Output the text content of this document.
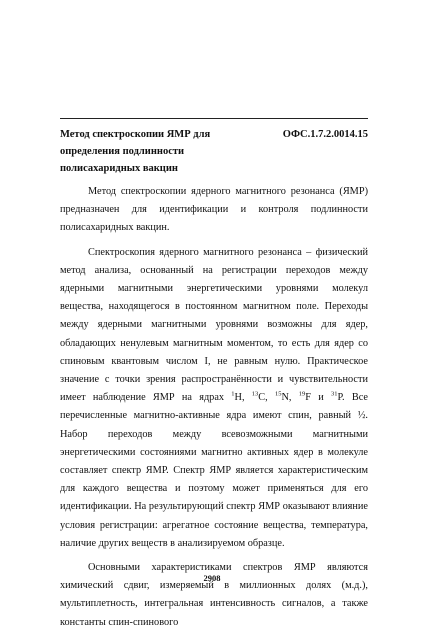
Метод спектроскопии ЯМР для определения подлинности полисахаридных вакцин
ОФС.1.7.2.0014.15

Метод спектроскопии ядерного магнитного резонанса (ЯМР) предназначен для идентификации и контроля подлинности полисахаридных вакцин.

Спектроскопия ядерного магнитного резонанса – физический метод анализа, основанный на регистрации переходов между ядерными магнитными энергетическими уровнями молекул вещества, находящегося в постоянном магнитном поле. Переходы между ядерными магнитными уровнями возможны для ядер, обладающих ненулевым магнитным моментом, то есть для ядер со спиновым квантовым числом I, не равным нулю. Практическое значение с точки зрения распространённости и чувствительности имеет наблюдение ЯМР на ядрах $^1$H, $^{13}$C, $^{15}$N, $^{19}$F и $^{31}$P. Все перечисленные магнитно-активные ядра имеют спин, равный ½. Набор переходов между всевозможными магнитными энергетическими состояниями магнитно активных ядер в молекуле составляет спектр ЯМР. Спектр ЯМР является характеристическим для каждого вещества и поэтому может применяться для его идентификации. На результирующий спектр ЯМР оказывают влияние условия регистрации: агрегатное состояние вещества, температура, наличие других веществ в анализируемом образце.

Основными характеристиками спектров ЯМР являются химический сдвиг, измеряемый в миллионных долях (м.д.), мультиплетность, интегральная интенсивность сигналов, а также константы спин-спинового

2908
